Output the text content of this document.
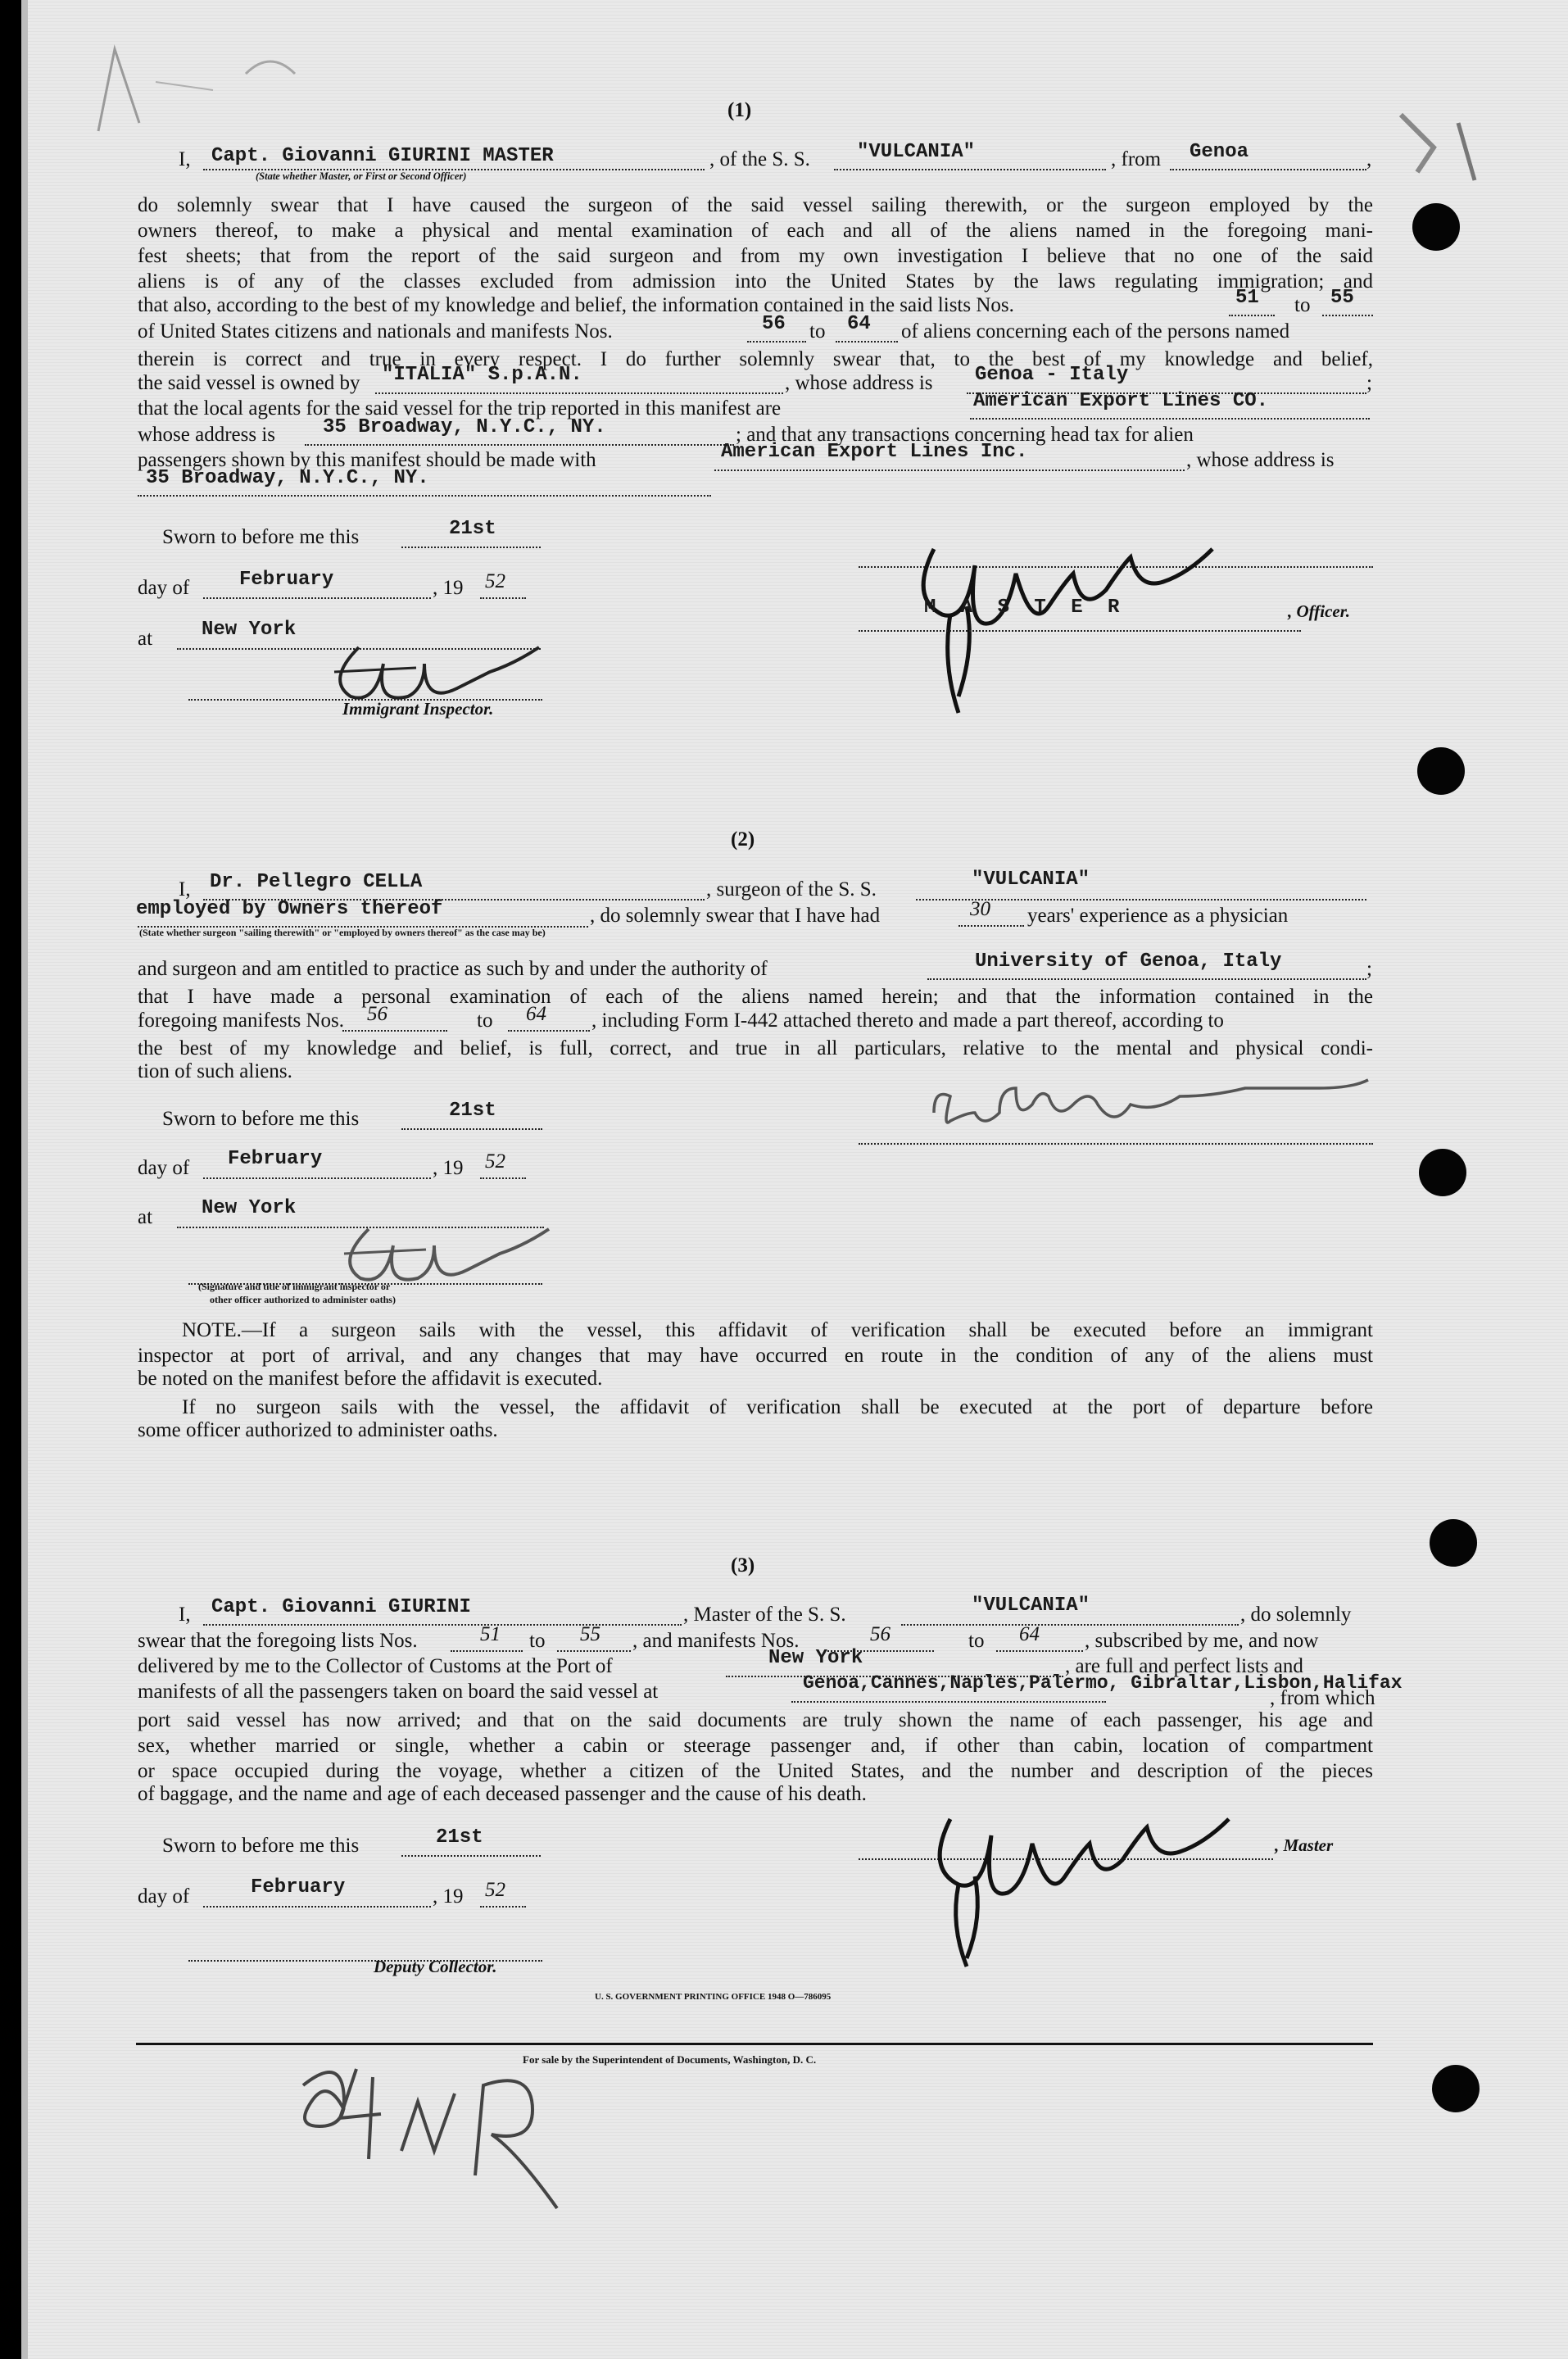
(1)
I, Capt. Giovanni GIURINI MASTER	, of the S. S. "VULCANIA"	, from Genoa	,
(State whether Master, or First or Second Officer)
do solemnly swear that I have caused the surgeon of the said vessel sailing therewith, or the surgeon employed by the
owners thereof, to make a physical and mental examination of each and all of the aliens named in the foregoing mani-
fest sheets; that from the report of the said surgeon and from my own investigation I believe that no one of the said
aliens is of any of the classes excluded from admission into the United States by the laws regulating immigration; and
that also, according to the best of my knowledge and belief, the information contained in the said lists Nos.	51 to 55
of United States citizens and nationals and manifests Nos.	56 to 64 of aliens concerning each of the persons named
therein is correct and true in every respect. I do further solemnly swear that, to the best of my knowledge and belief,
the said vessel is owned by "ITALIA" S.p.A.N.	, whose address is Genoa - Italy	;
that the local agents for the said vessel for the trip reported in this manifest are	American Export Lines CO.
whose address is 35 Broadway, N.Y.C., NY.	; and that any transactions concerning head tax for alien
passengers shown by this manifest should be made with	American Export Lines Inc.	, whose address is
35 Broadway, N.Y.C., NY.
Sworn to before me this	21st
day of	February	, 19 52
at New York
Immigrant Inspector.
M A S T E R	, Officer.
(2)
I, Dr. Pellegro CELLA	, surgeon of the S. S.	"VULCANIA"
employed by Owners thereof	, do solemnly swear that I have had	30 years' experience as a physician
(State whether surgeon "sailing therewith" or "employed by owners thereof" as the case may be)
and surgeon and am entitled to practice as such by and under the authority of	University of Genoa, Italy	;
that I have made a personal examination of each of the aliens named herein; and that the information contained in the
foregoing manifests Nos. 56	to 64 , including Form I-442 attached thereto and made a part thereof, according to
the best of my knowledge and belief, is full, correct, and true in all particulars, relative to the mental and physical condi-
tion of such aliens.
Sworn to before me this	21st
day of February	, 19 52
at New York
(Signature and title of immigrant inspector or
other officer authorized to administer oaths)
NOTE.—If a surgeon sails with the vessel, this affidavit of verification shall be executed before an immigrant
inspector at port of arrival, and any changes that may have occurred en route in the condition of any of the aliens must
be noted on the manifest before the affidavit is executed.
If no surgeon sails with the vessel, the affidavit of verification shall be executed at the port of departure before
some officer authorized to administer oaths.
(3)
I, Capt. Giovanni GIURINI	, Master of the S. S.	"VULCANIA"	, do solemnly
swear that the foregoing lists Nos.	51 to 55 , and manifests Nos.	56	to 64 , subscribed by me, and now
delivered by me to the Collector of Customs at the Port of	New York	, are full and perfect lists and
manifests of all the passengers taken on board the said vessel at	Genoa,Cannes,Naples,Palermo, Gibraltar,Lisbon,Halifax
, from which
port said vessel has now arrived; and that on the said documents are truly shown the name of each passenger, his age and
sex, whether married or single, whether a cabin or steerage passenger and, if other than cabin, location of compartment
or space occupied during the voyage, whether a citizen of the United States, and the number and description of the pieces
of baggage, and the name and age of each deceased passenger and the cause of his death.
Sworn to before me this	21st	, Master
day of	February	, 19 52
Deputy Collector.
U. S. GOVERNMENT PRINTING OFFICE 1948 O—786095
For sale by the Superintendent of Documents, Washington, D. C.
